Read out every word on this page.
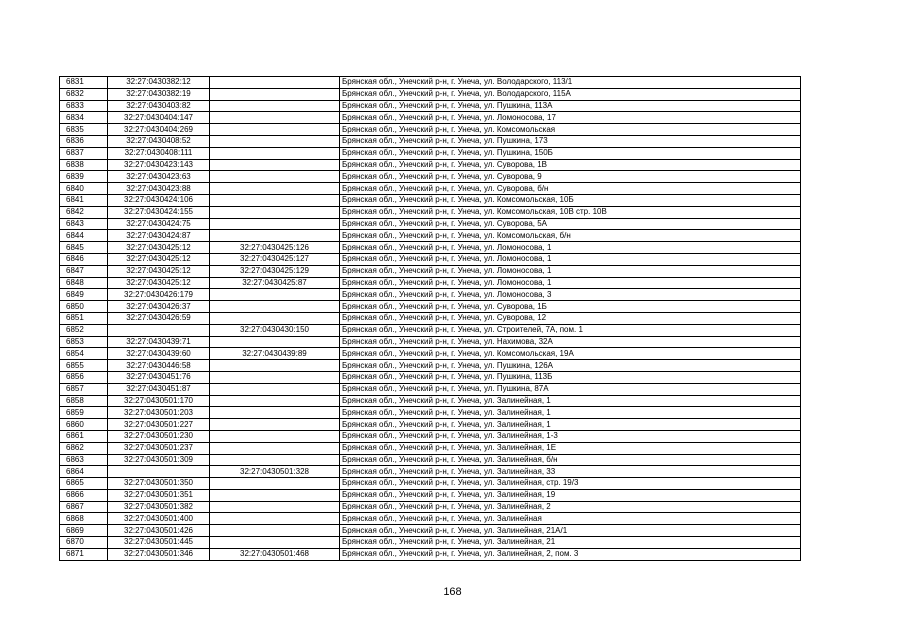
6831	32:27:0430382:12		Брянская обл., Унечский р-н, г. Унеча, ул. Володарского, 113/1
6832	32:27:0430382:19		Брянская обл., Унечский р-н, г. Унеча, ул. Володарского, 115А
6833	32:27:0430403:82		Брянская обл., Унечский р-н, г. Унеча, ул. Пушкина, 113А
6834	32:27:0430404:147		Брянская обл., Унечский р-н, г. Унеча, ул. Ломоносова, 17
6835	32:27:0430404:269		Брянская обл., Унечский р-н, г. Унеча, ул. Комсомольская
6836	32:27:0430408:52		Брянская обл., Унечский р-н, г. Унеча, ул. Пушкина, 173
6837	32:27:0430408:111		Брянская обл., Унечский р-н, г. Унеча, ул. Пушкина, 150Б
6838	32:27:0430423:143		Брянская обл., Унечский р-н, г. Унеча, ул. Суворова, 1В
6839	32:27:0430423:63		Брянская обл., Унечский р-н, г. Унеча, ул. Суворова, 9
6840	32:27:0430423:88		Брянская обл., Унечский р-н, г. Унеча, ул. Суворова, б/н
6841	32:27:0430424:106		Брянская обл., Унечский р-н, г. Унеча, ул. Комсомольская, 10Б
6842	32:27:0430424:155		Брянская обл., Унечский р-н, г. Унеча, ул. Комсомольская, 10В стр. 10В
6843	32:27:0430424:75		Брянская обл., Унечский р-н, г. Унеча, ул. Суворова, 5А
6844	32:27:0430424:87		Брянская обл., Унечский р-н, г. Унеча, ул. Комсомольская, б/н
6845	32:27:0430425:12	32:27:0430425:126	Брянская обл., Унечский р-н, г. Унеча, ул. Ломоносова, 1
6846	32:27:0430425:12	32:27:0430425:127	Брянская обл., Унечский р-н, г. Унеча, ул. Ломоносова, 1
6847	32:27:0430425:12	32:27:0430425:129	Брянская обл., Унечский р-н, г. Унеча, ул. Ломоносова, 1
6848	32:27:0430425:12	32:27:0430425:87	Брянская обл., Унечский р-н, г. Унеча, ул. Ломоносова, 1
6849	32:27:0430426:179		Брянская обл., Унечский р-н, г. Унеча, ул. Ломоносова, 3
6850	32:27:0430426:37		Брянская обл., Унечский р-н, г. Унеча, ул. Суворова, 1Б
6851	32:27:0430426:59		Брянская обл., Унечский р-н, г. Унеча, ул. Суворова, 12
6852		32:27:0430430:150	Брянская обл., Унечский р-н, г. Унеча, ул. Строителей, 7А, пом. 1
6853	32:27:0430439:71		Брянская обл., Унечский р-н, г. Унеча, ул. Нахимова, 32А
6854	32:27:0430439:60	32:27:0430439:89	Брянская обл., Унечский р-н, г. Унеча, ул. Комсомольская, 19А
6855	32:27:0430446:58		Брянская обл., Унечский р-н, г. Унеча, ул. Пушкина, 126А
6856	32:27:0430451:76		Брянская обл., Унечский р-н, г. Унеча, ул. Пушкина, 113Б
6857	32:27:0430451:87		Брянская обл., Унечский р-н, г. Унеча, ул. Пушкина, 87А
6858	32:27:0430501:170		Брянская обл., Унечский р-н, г. Унеча, ул. Залинейная, 1
6859	32:27:0430501:203		Брянская обл., Унечский р-н, г. Унеча, ул. Залинейная, 1
6860	32:27:0430501:227		Брянская обл., Унечский р-н, г. Унеча, ул. Залинейная, 1
6861	32:27:0430501:230		Брянская обл., Унечский р-н, г. Унеча, ул. Залинейная, 1-3
6862	32:27:0430501:237		Брянская обл., Унечский р-н, г. Унеча, ул. Залинейная, 1Е
6863	32:27:0430501:309		Брянская обл., Унечский р-н, г. Унеча, ул. Залинейная, б/н
6864		32:27:0430501:328	Брянская обл., Унечский р-н, г. Унеча, ул. Залинейная, 33
6865	32:27:0430501:350		Брянская обл., Унечский р-н, г. Унеча, ул. Залинейная, стр. 19/3
6866	32:27:0430501:351		Брянская обл., Унечский р-н, г. Унеча, ул. Залинейная, 19
6867	32:27:0430501:382		Брянская обл., Унечский р-н, г. Унеча, ул. Залинейная, 2
6868	32:27:0430501:400		Брянская обл., Унечский р-н, г. Унеча, ул. Залинейная
6869	32:27:0430501:426		Брянская обл., Унечский р-н, г. Унеча, ул. Залинейная, 21А/1
6870	32:27:0430501:445		Брянская обл., Унечский р-н, г. Унеча, ул. Залинейная, 21
6871	32:27:0430501:346	32:27:0430501:468	Брянская обл., Унечский р-н, г. Унеча, ул. Залинейная, 2, пом. 3
168
